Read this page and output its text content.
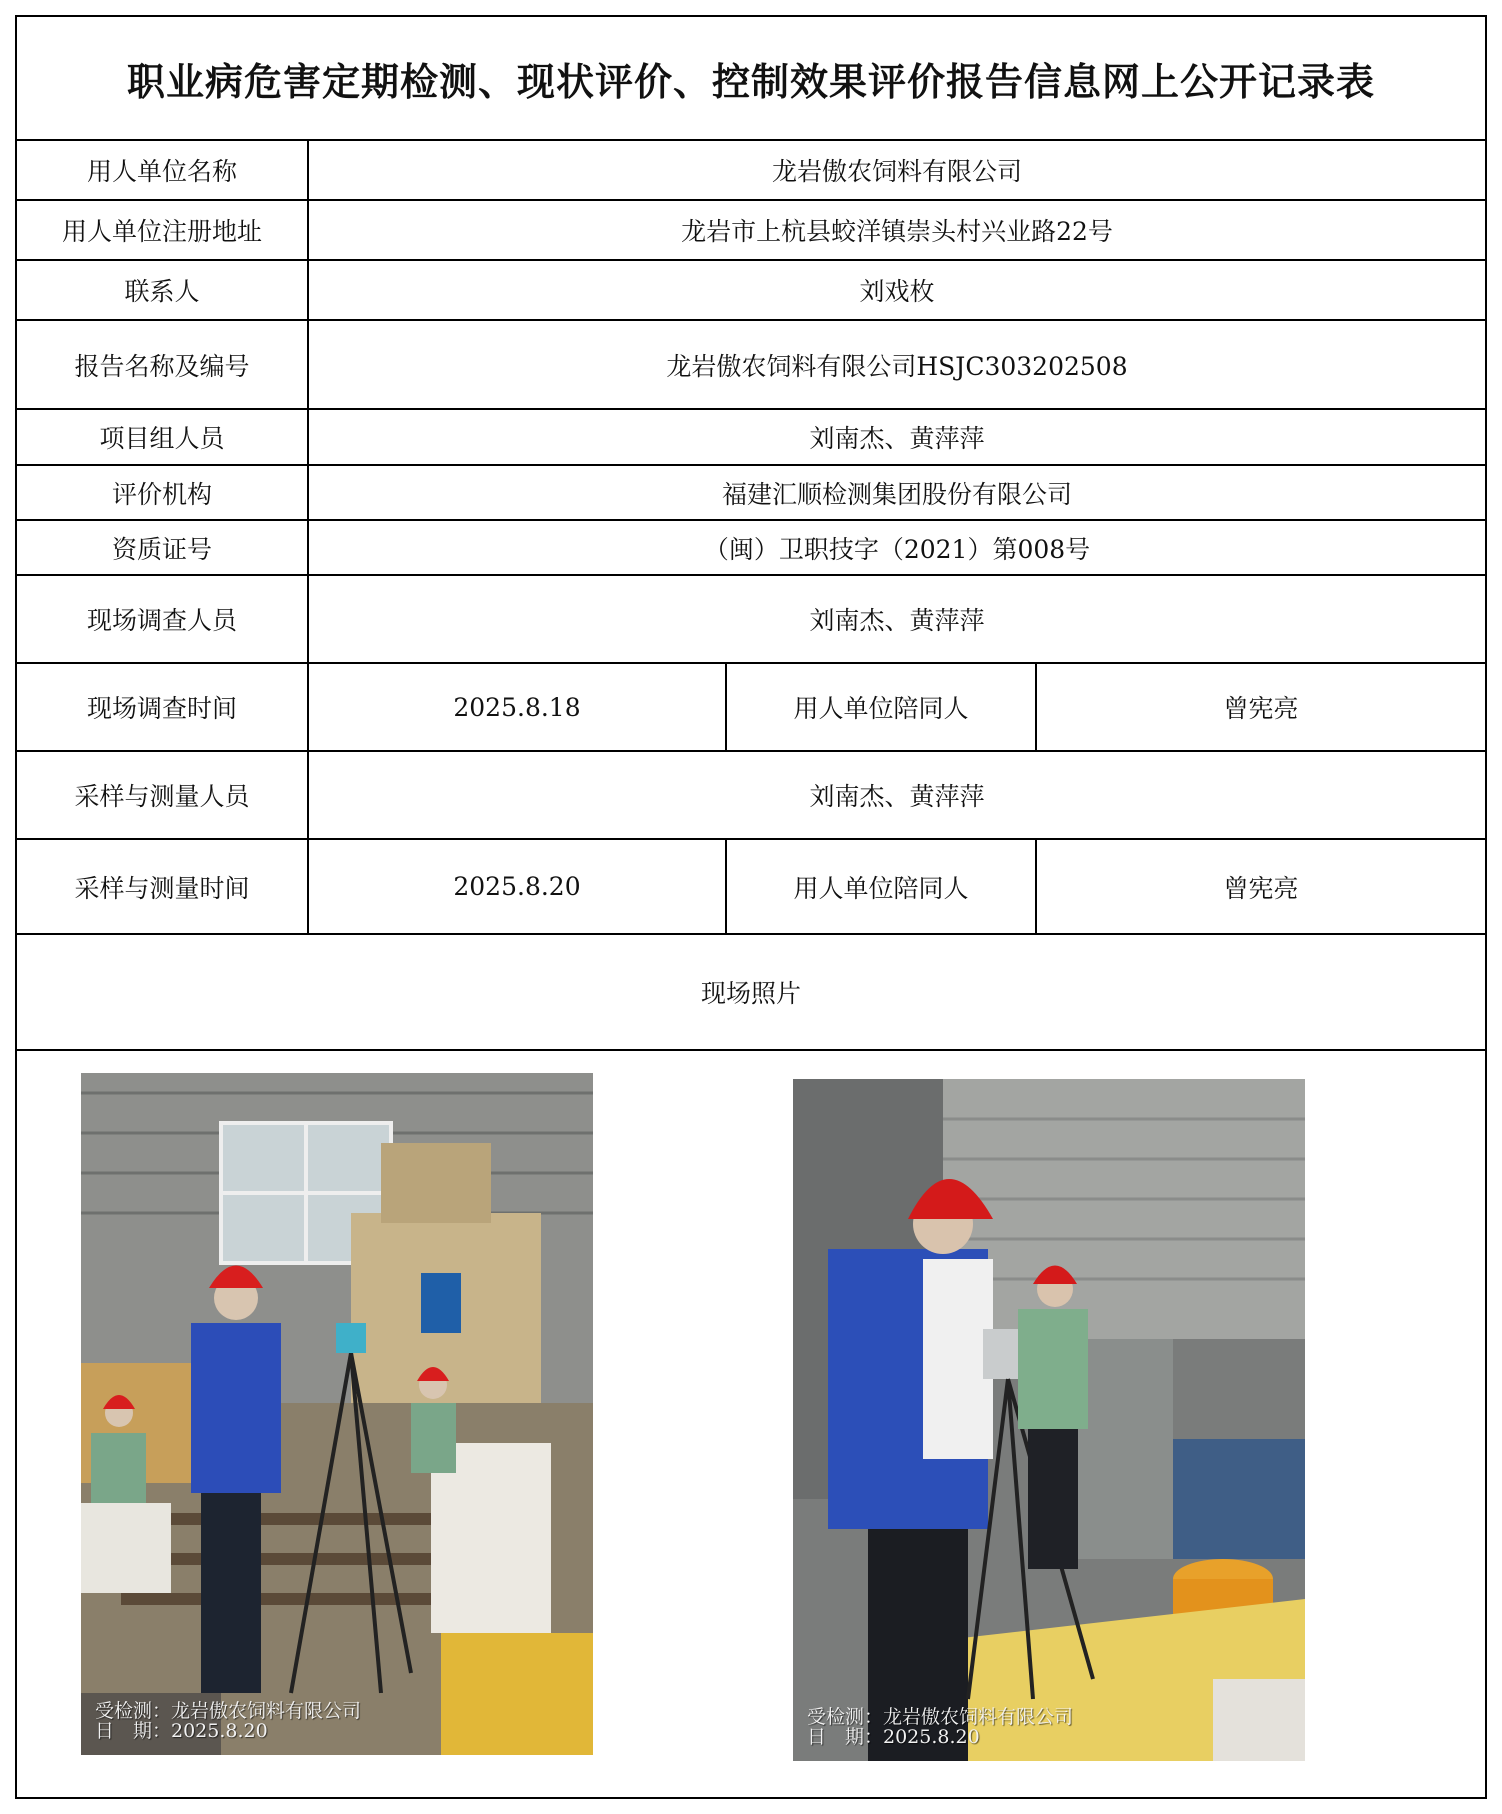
职业病危害定期检测、现状评价、控制效果评价报告信息网上公开记录表
用人单位名称	龙岩傲农饲料有限公司
用人单位注册地址	龙岩市上杭县蛟洋镇崇头村兴业路22号
联系人	刘戏枚
报告名称及编号	龙岩傲农饲料有限公司HSJC303202508
项目组人员	刘南杰、黄萍萍
评价机构	福建汇顺检测集团股份有限公司
资质证号	（闽）卫职技字（2021）第008号
现场调查人员	刘南杰、黄萍萍
现场调查时间	2025.8.18	用人单位陪同人	曾宪亮
采样与测量人员	刘南杰、黄萍萍
采样与测量时间	2025.8.20	用人单位陪同人	曾宪亮
现场照片
受检测：龙岩傲农饲料有限公司
日　期：2025.8.20
受检测：龙岩傲农饲料有限公司
日　期：2025.8.20
